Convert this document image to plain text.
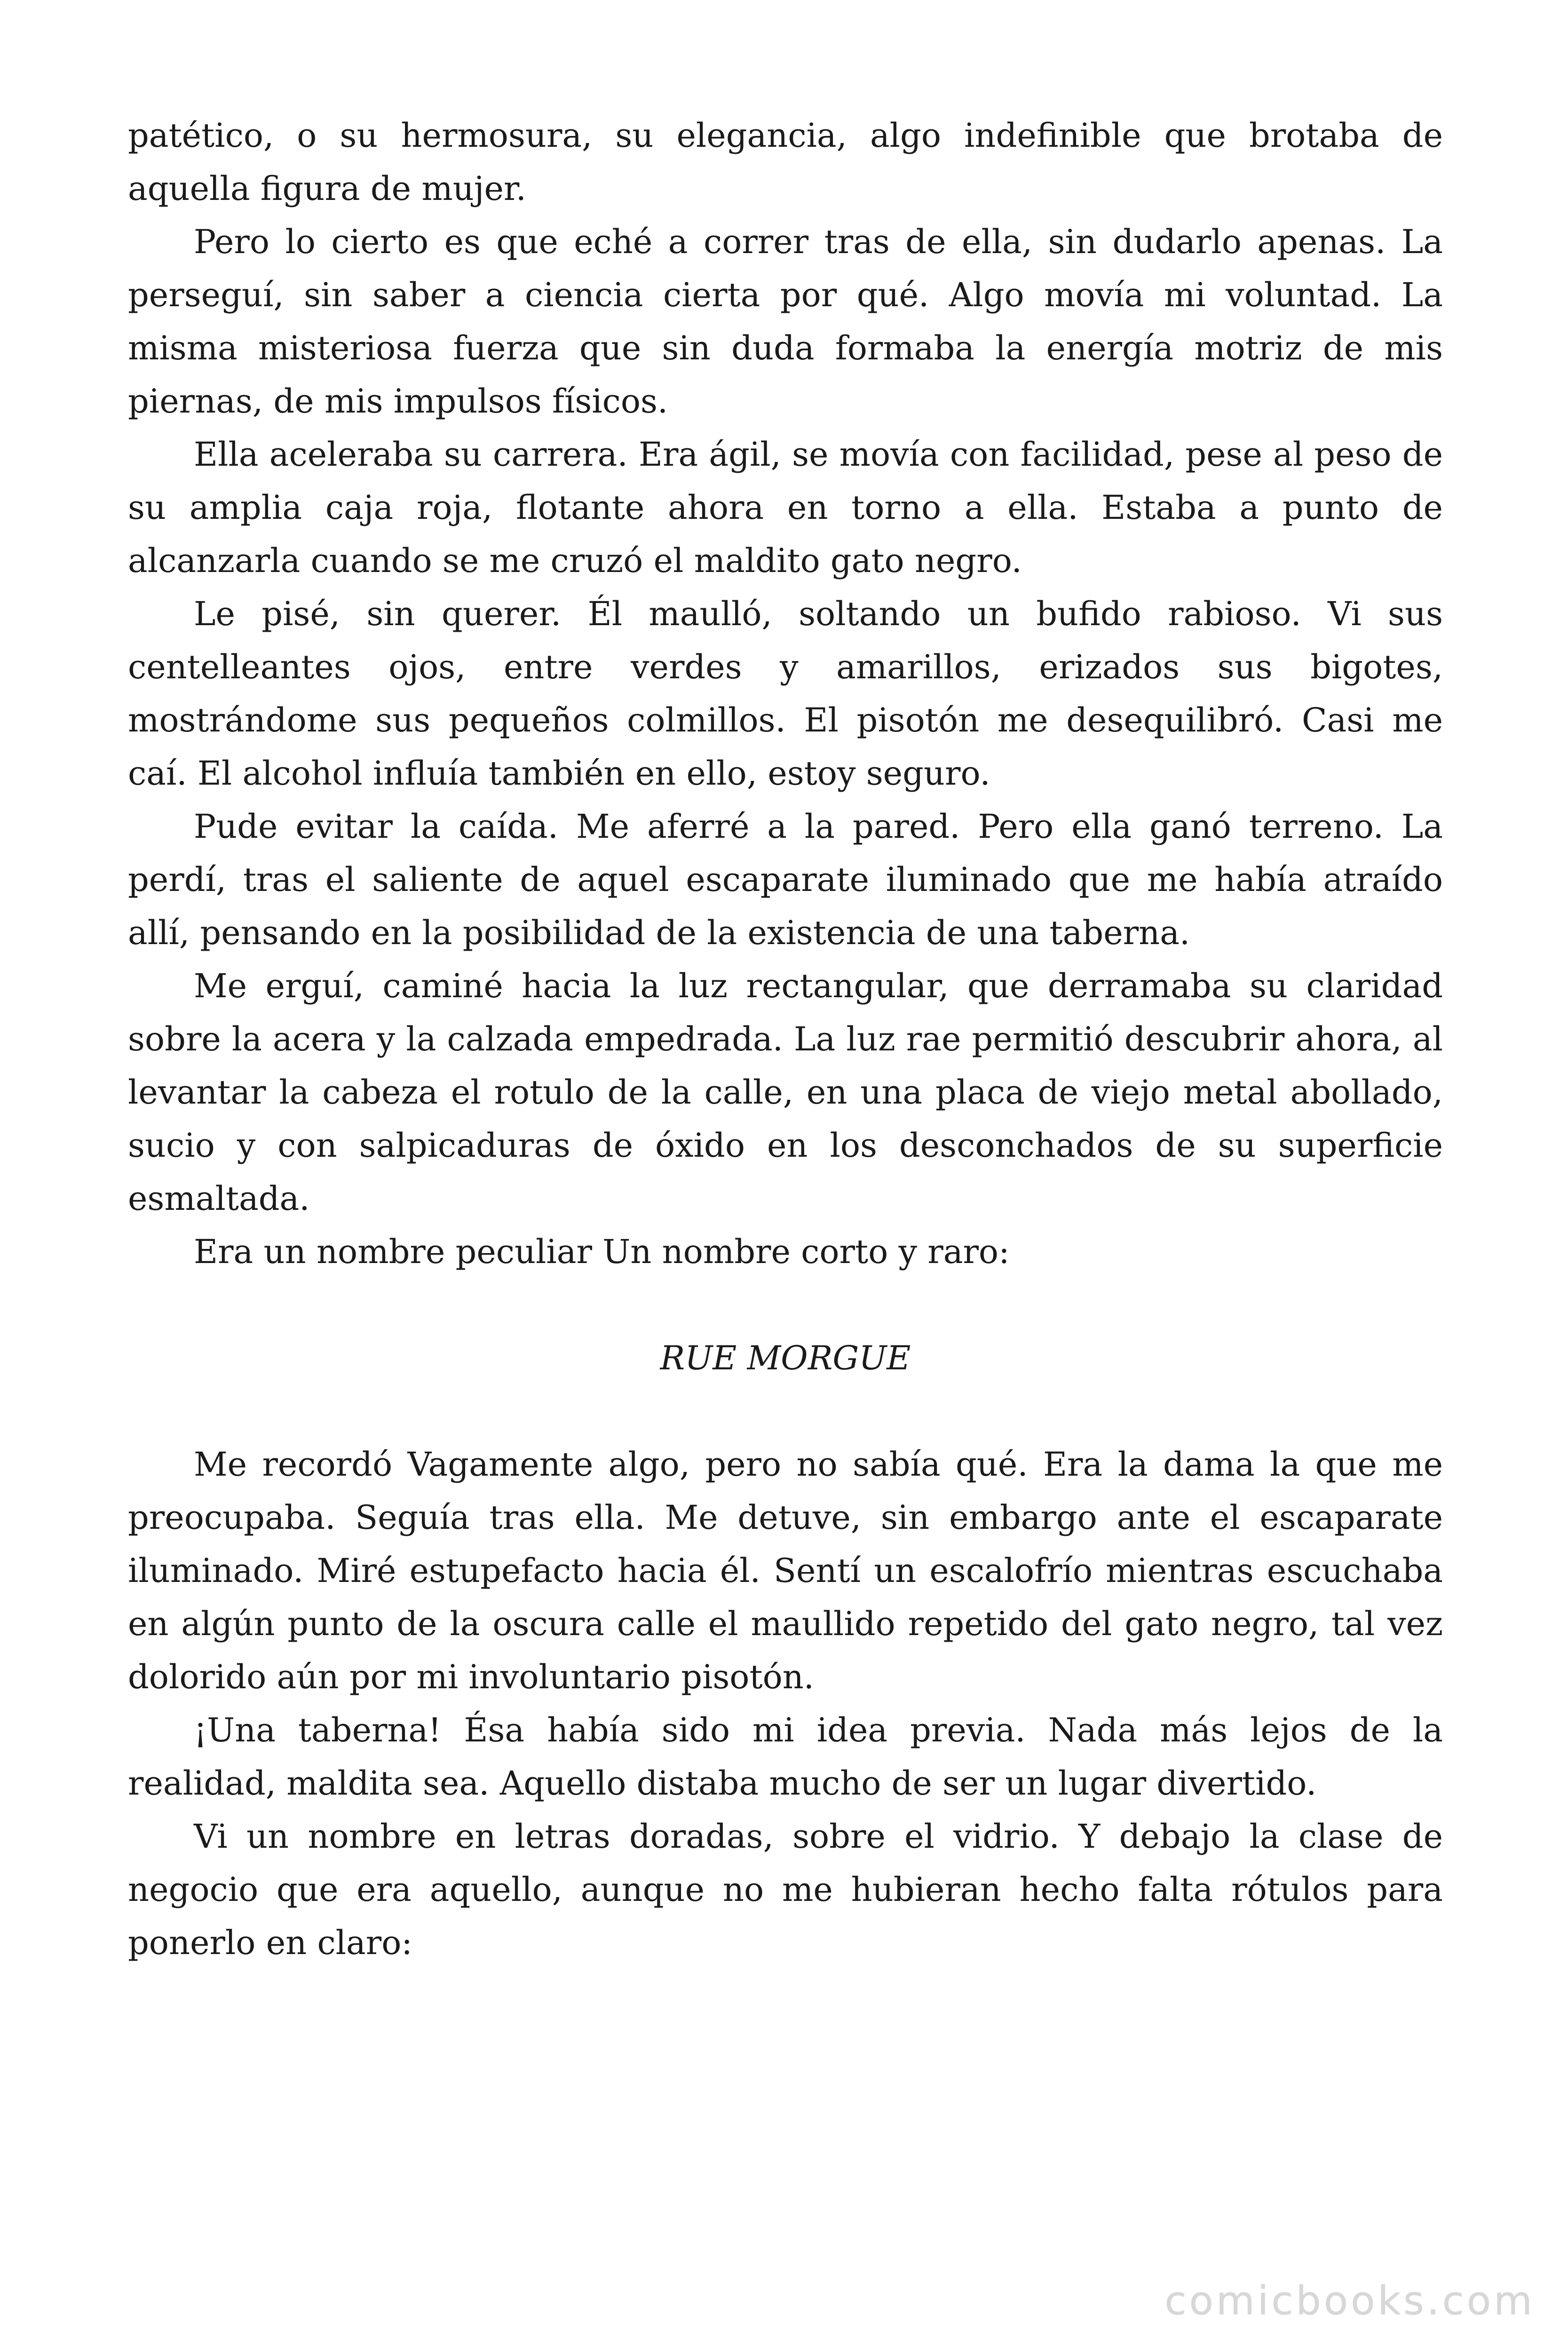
patético, o su hermosura, su elegancia, algo indefinible que brotaba de aquella figura de mujer.

Pero lo cierto es que eché a correr tras de ella, sin dudarlo apenas. La perseguí, sin saber a ciencia cierta por qué. Algo movía mi voluntad. La misma misteriosa fuerza que sin duda formaba la energía motriz de mis piernas, de mis impulsos físicos.

Ella aceleraba su carrera. Era ágil, se movía con facilidad, pese al peso de su amplia caja roja, flotante ahora en torno a ella. Estaba a punto de alcanzarla cuando se me cruzó el maldito gato negro.

Le pisé, sin querer. Él maulló, soltando un bufido rabioso. Vi sus centelleantes ojos, entre verdes y amarillos, erizados sus bigotes, mostrándome sus pequeños colmillos. El pisotón me desequilibró. Casi me caí. El alcohol influía también en ello, estoy seguro.

Pude evitar la caída. Me aferré a la pared. Pero ella ganó terreno. La perdí, tras el saliente de aquel escaparate iluminado que me había atraído allí, pensando en la posibilidad de la existencia de una taberna.

Me erguí, caminé hacia la luz rectangular, que derramaba su claridad sobre la acera y la calzada empedrada. La luz rae permitió descubrir ahora, al levantar la cabeza el rotulo de la calle, en una placa de viejo metal abollado, sucio y con salpicaduras de óxido en los desconchados de su superficie esmaltada.

Era un nombre peculiar Un nombre corto y raro:

RUE MORGUE

Me recordó Vagamente algo, pero no sabía qué. Era la dama la que me preocupaba. Seguía tras ella. Me detuve, sin embargo ante el escaparate iluminado. Miré estupefacto hacia él. Sentí un escalofrío mientras escuchaba en algún punto de la oscura calle el maullido repetido del gato negro, tal vez dolorido aún por mi involuntario pisotón.

¡Una taberna! Ésa había sido mi idea previa. Nada más lejos de la realidad, maldita sea. Aquello distaba mucho de ser un lugar divertido.

Vi un nombre en letras doradas, sobre el vidrio. Y debajo la clase de negocio que era aquello, aunque no me hubieran hecho falta rótulos para ponerlo en claro:

comicbooks.com
